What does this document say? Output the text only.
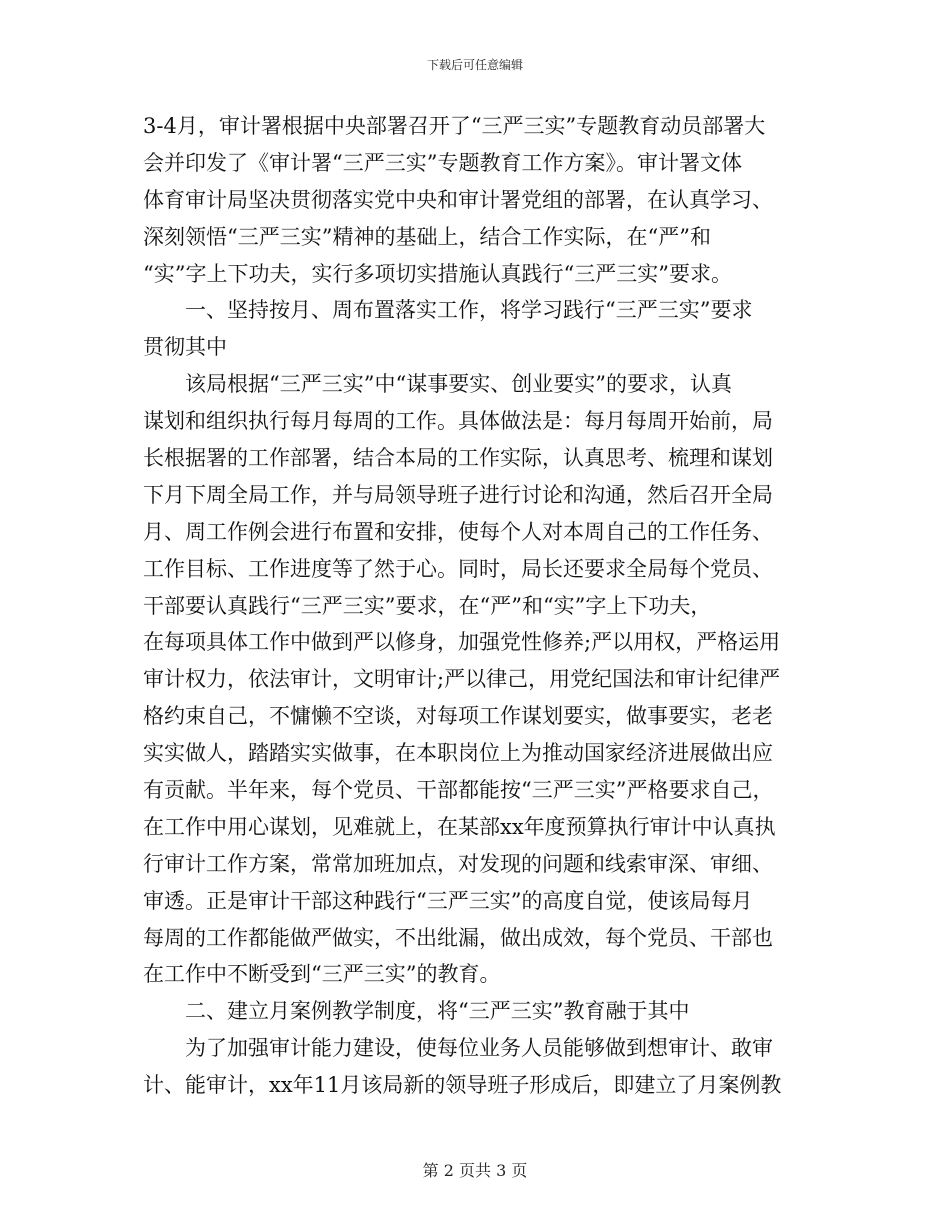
下载后可任意编辑
3-4月，审计署根据中央部署召开了“三严三实”专题教育动员部署大
会并印发了《审计署“三严三实”专题教育工作方案》。审计署文体
体育审计局坚决贯彻落实党中央和审计署党组的部署，在认真学习、
深刻领悟“三严三实”精神的基础上，结合工作实际，在“严”和
“实”字上下功夫，实行多项切实措施认真践行“三严三实”要求。
一、坚持按月、周布置落实工作，将学习践行“三严三实”要求
贯彻其中
该局根据“三严三实”中“谋事要实、创业要实”的要求，认真
谋划和组织执行每月每周的工作。具体做法是：每月每周开始前，局
长根据署的工作部署，结合本局的工作实际，认真思考、梳理和谋划
下月下周全局工作，并与局领导班子进行讨论和沟通，然后召开全局
月、周工作例会进行布置和安排，使每个人对本周自己的工作任务、
工作目标、工作进度等了然于心。同时，局长还要求全局每个党员、
干部要认真践行“三严三实”要求，在“严”和“实”字上下功夫，
在每项具体工作中做到严以修身，加强党性修养;严以用权，严格运用
审计权力，依法审计，文明审计;严以律己，用党纪国法和审计纪律严
格约束自己，不慵懒不空谈，对每项工作谋划要实，做事要实，老老
实实做人，踏踏实实做事，在本职岗位上为推动国家经济进展做出应
有贡献。半年来，每个党员、干部都能按“三严三实”严格要求自己，
在工作中用心谋划，见难就上，在某部xx年度预算执行审计中认真执
行审计工作方案，常常加班加点，对发现的问题和线索审深、审细、
审透。正是审计干部这种践行“三严三实”的高度自觉，使该局每月
每周的工作都能做严做实，不出纰漏，做出成效，每个党员、干部也
在工作中不断受到“三严三实”的教育。
二、建立月案例教学制度，将“三严三实”教育融于其中
为了加强审计能力建设，使每位业务人员能够做到想审计、敢审
计、能审计，xx年11月该局新的领导班子形成后，即建立了月案例教
第 2 页共 3 页
